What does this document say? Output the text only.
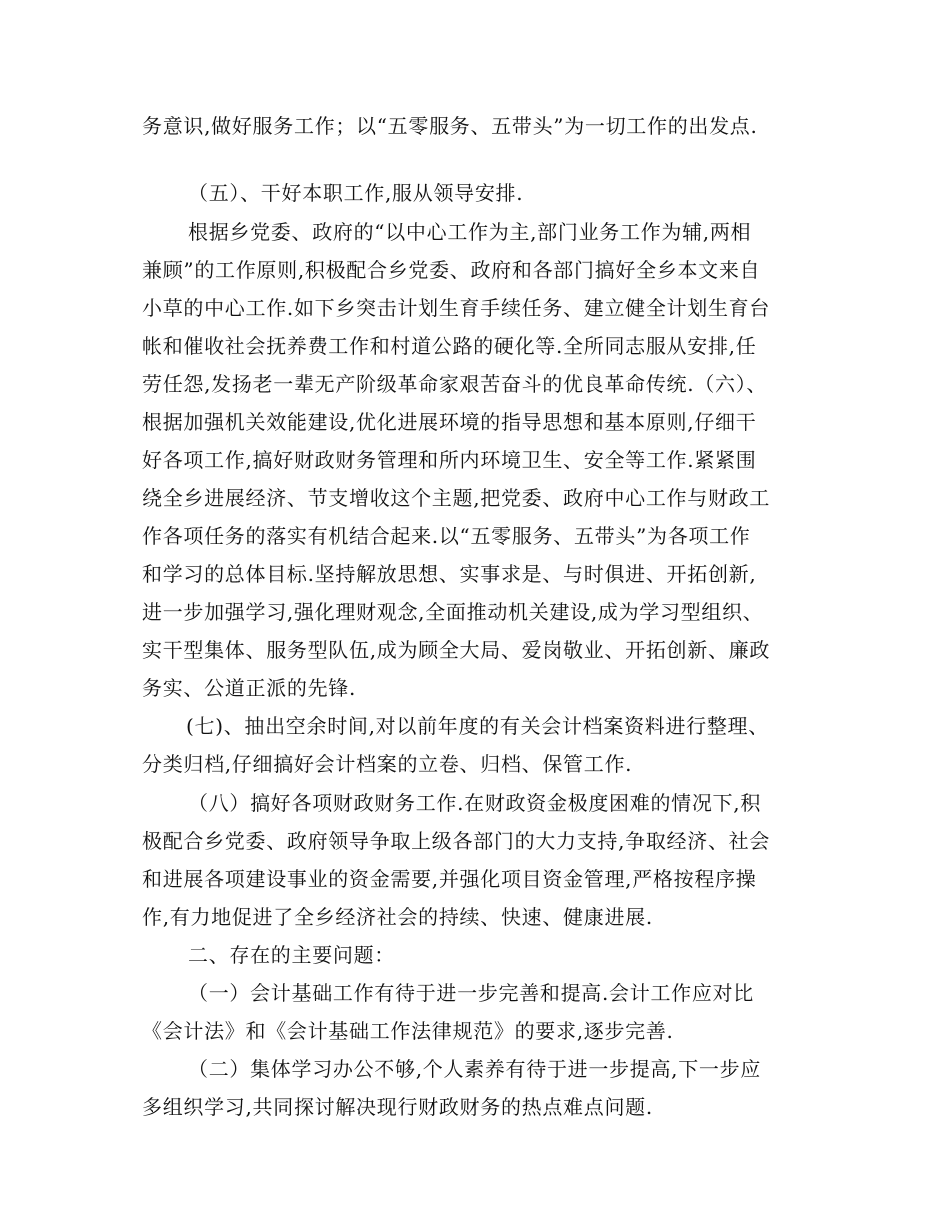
务意识,做好服务工作；以“五零服务、五带头”为一切工作的出发点.
（五）、干好本职工作,服从领导安排.
根据乡党委、政府的“以中心工作为主,部门业务工作为辅,两相
兼顾”的工作原则,积极配合乡党委、政府和各部门搞好全乡本文来自
小草的中心工作.如下乡突击计划生育手续任务、建立健全计划生育台
帐和催收社会抚养费工作和村道公路的硬化等.全所同志服从安排,任
劳任怨,发扬老一辈无产阶级革命家艰苦奋斗的优良革命传统.（六）、
根据加强机关效能建设,优化进展环境的指导思想和基本原则,仔细干
好各项工作,搞好财政财务管理和所内环境卫生、安全等工作.紧紧围
绕全乡进展经济、节支增收这个主题,把党委、政府中心工作与财政工
作各项任务的落实有机结合起来.以“五零服务、五带头”为各项工作
和学习的总体目标.坚持解放思想、实事求是、与时俱进、开拓创新,
进一步加强学习,强化理财观念,全面推动机关建设,成为学习型组织、
实干型集体、服务型队伍,成为顾全大局、爱岗敬业、开拓创新、廉政
务实、公道正派的先锋.
(七)、抽出空余时间,对以前年度的有关会计档案资料进行整理、
分类归档,仔细搞好会计档案的立卷、归档、保管工作.
（八）搞好各项财政财务工作.在财政资金极度困难的情况下,积
极配合乡党委、政府领导争取上级各部门的大力支持,争取经济、社会
和进展各项建设事业的资金需要,并强化项目资金管理,严格按程序操
作,有力地促进了全乡经济社会的持续、快速、健康进展.
二、存在的主要问题：
（一）会计基础工作有待于进一步完善和提高.会计工作应对比
《会计法》和《会计基础工作法律规范》的要求,逐步完善.
（二）集体学习办公不够,个人素养有待于进一步提高,下一步应
多组织学习,共同探讨解决现行财政财务的热点难点问题.
